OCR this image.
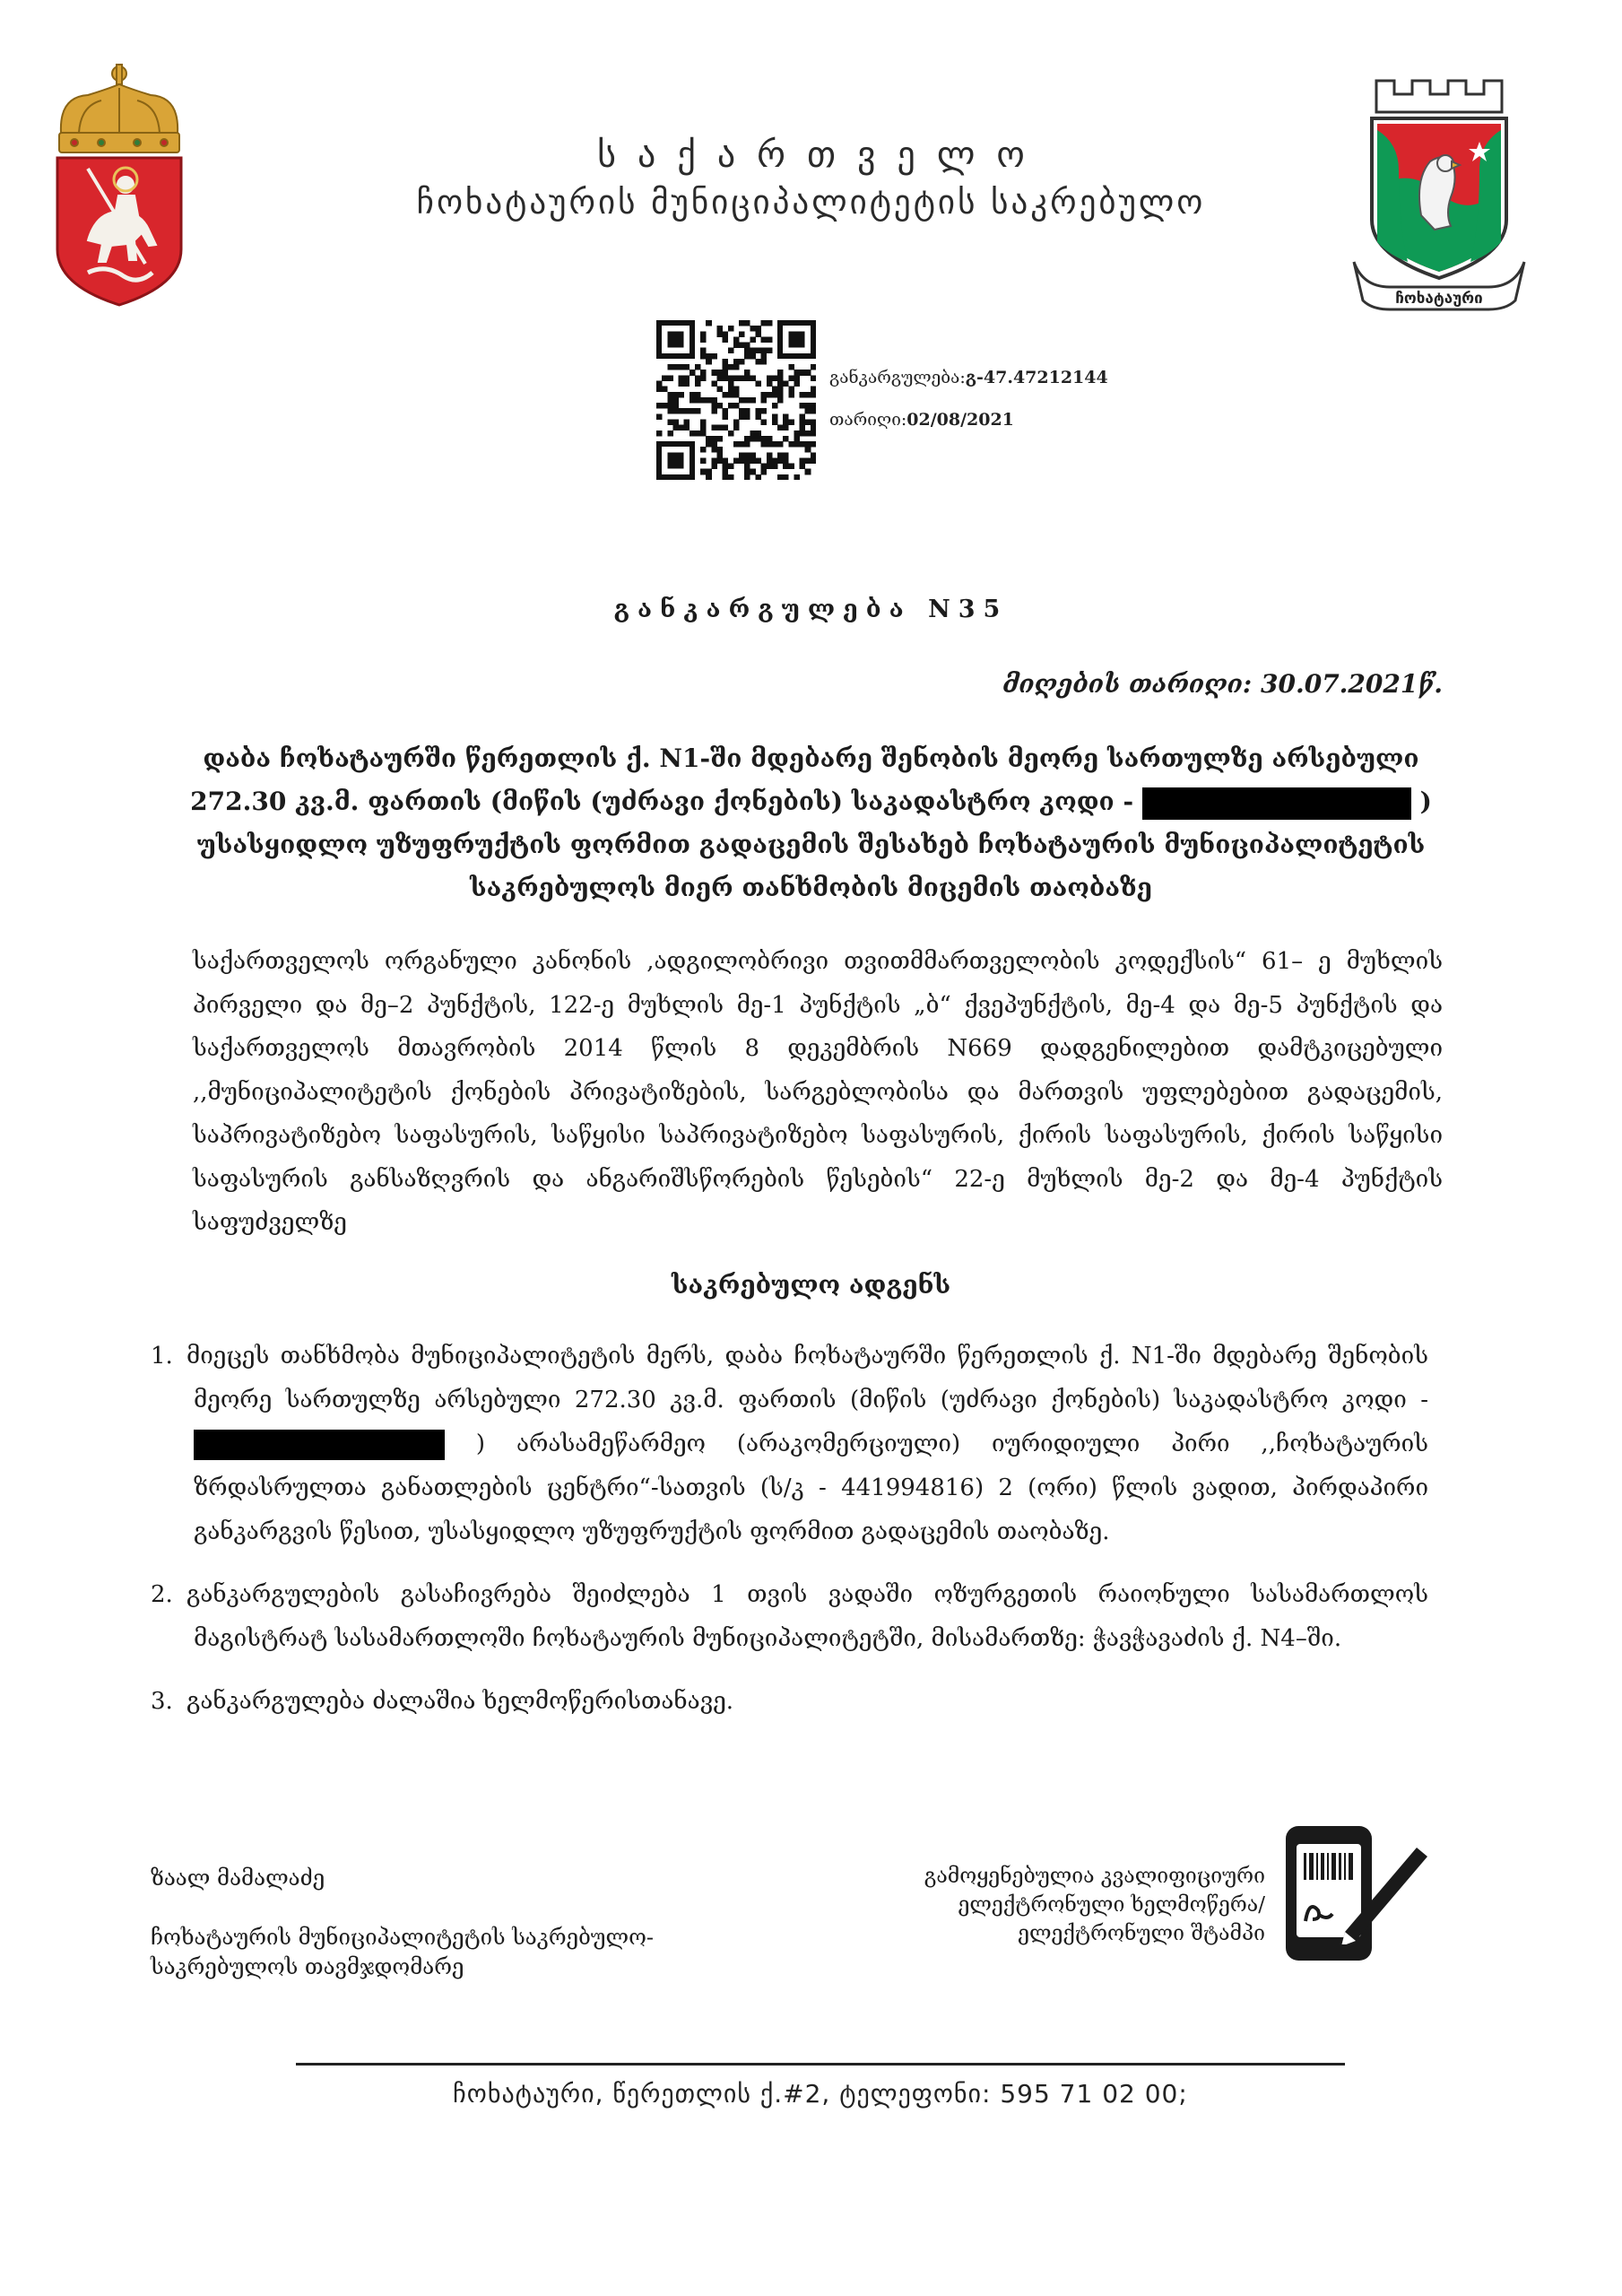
საქართველო
ჩოხატაურის მუნიციპალიტეტის საკრებულო
ჩოხატაური
განკარგულება:გ-47.47212144
თარიღი:02/08/2021
განკარგულება N35
მიღების თარიღი: 30.07.2021წ.
დაბა ჩოხატაურში წერეთლის ქ. N1-ში მდებარე შენობის მეორე სართულზე არსებული 272.30 კვ.მ. ფართის (მიწის (უძრავი ქონების) საკადასტრო კოდი -	) უსასყიდლო უზუფრუქტის ფორმით გადაცემის შესახებ ჩოხატაურის მუნიციპალიტეტის საკრებულოს მიერ თანხმობის მიცემის თაობაზე
საქართველოს ორგანული კანონის ,ადგილობრივი თვითმმართველობის კოდექსის“ 61– ე მუხლის პირველი და მე–2 პუნქტის, 122-ე მუხლის მე-1 პუნქტის „ბ“ ქვეპუნქტის, მე-4 და მე-5 პუნქტის და საქართველოს მთავრობის 2014 წლის 8 დეკემბრის N669 დადგენილებით დამტკიცებული ,,მუნიციპალიტეტის ქონების პრივატიზების, სარგებლობისა და მართვის უფლებებით გადაცემის, საპრივატიზებო საფასურის, საწყისი საპრივატიზებო საფასურის, ქირის საფასურის, ქირის საწყისი საფასურის განსაზღვრის და ანგარიშსწორების წესების“ 22-ე მუხლის მე-2 და მე-4 პუნქტის საფუძველზე
საკრებულო ადგენს
1. მიეცეს თანხმობა მუნიციპალიტეტის მერს, დაბა ჩოხატაურში წერეთლის ქ. N1-ში მდებარე შენობის მეორე სართულზე არსებული 272.30 კვ.მ. ფართის (მიწის (უძრავი ქონების) საკადასტრო კოდი -  ) არასამეწარმეო (არაკომერციული) იურიდიული პირი ,,ჩოხატაურის ზრდასრულთა განათლების ცენტრი“-სათვის (ს/კ - 441994816) 2 (ორი) წლის ვადით, პირდაპირი განკარგვის წესით, უსასყიდლო უზუფრუქტის ფორმით გადაცემის თაობაზე.
2. განკარგულების გასაჩივრება შეიძლება 1 თვის ვადაში ოზურგეთის რაიონული სასამართლოს მაგისტრატ სასამართლოში ჩოხატაურის მუნიციპალიტეტში, მისამართზე: ჭავჭავაძის ქ. N4–ში.
3. განკარგულება ძალაშია ხელმოწერისთანავე.
ზაალ მამალაძე
ჩოხატაურის მუნიციპალიტეტის საკრებულო-
საკრებულოს თავმჯდომარე
გამოყენებულია კვალიფიციური
ელექტრონული ხელმოწერა/
ელექტრონული შტამპი
ჩოხატაური, წერეთლის ქ.#2, ტელეფონი: 595 71 02 00;
